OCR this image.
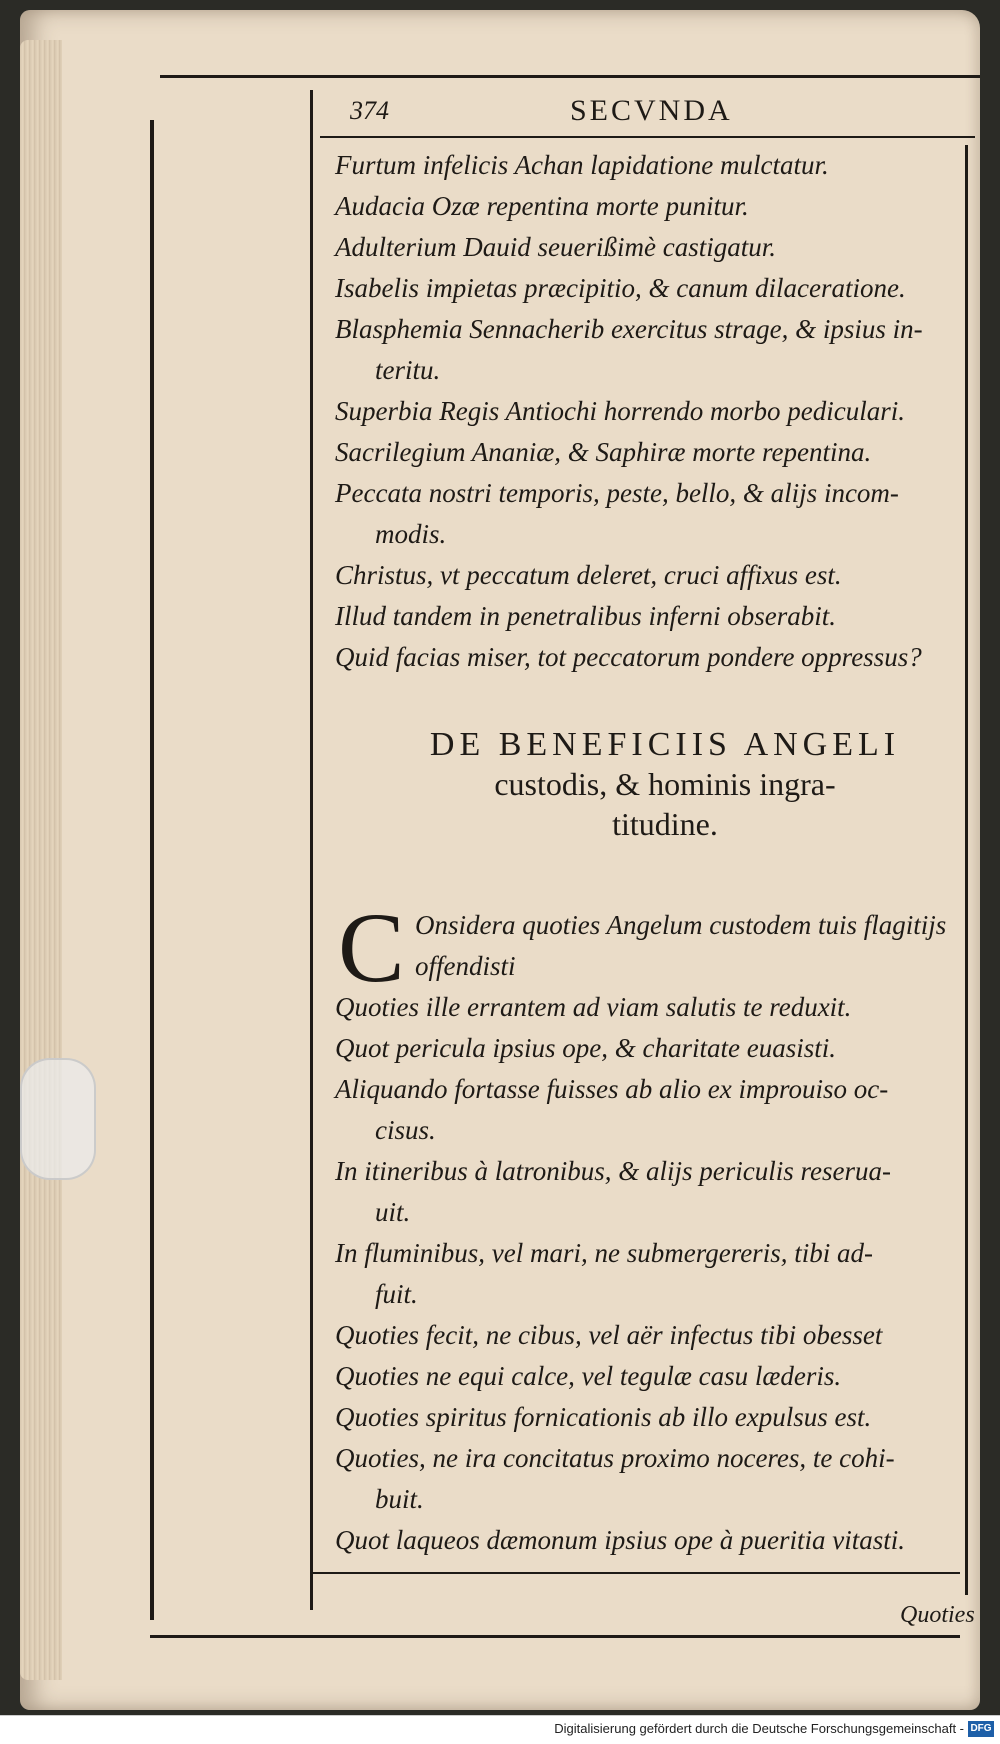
374	SECVNDA
Furtum infelicis Achan lapidatione mulctatur.
Audacia Ozæ repentina morte punitur.
Adulterium Dauid seuerißimè castigatur.
Isabelis impietas præcipitio, & canum dilaceratione.
Blasphemia Sennacherib exercitus strage, & ipsius in-
teritu.
Superbia Regis Antiochi horrendo morbo pediculari.
Sacrilegium Ananiæ, & Saphiræ morte repentina.
Peccata nostri temporis, peste, bello, & alijs incom-
modis.
Christus, vt peccatum deleret, cruci affixus est.
Illud tandem in penetralibus inferni obserabit.
Quid facias miser, tot peccatorum pondere oppressus?
DE BENEFICIIS ANGELI
custodis, & hominis ingra-
titudine.
C Onsidera quoties Angelum custodem tuis flagitijs
offendisti
Quoties ille errantem ad viam salutis te reduxit.
Quot pericula ipsius ope, & charitate euasisti.
Aliquando fortasse fuisses ab alio ex improuiso oc-
cisus.
In itineribus à latronibus, & alijs periculis reserua-
uit.
In fluminibus, vel mari, ne submergereris, tibi ad-
fuit.
Quoties fecit, ne cibus, vel aër infectus tibi obesset
Quoties ne equi calce, vel tegulæ casu læderis.
Quoties spiritus fornicationis ab illo expulsus est.
Quoties, ne ira concitatus proximo noceres, te cohi-
buit.
Quot laqueos dæmonum ipsius ope à pueritia vitasti.
Quoties
Digitalisierung gefördert durch die Deutsche Forschungsgemeinschaft - DFG
